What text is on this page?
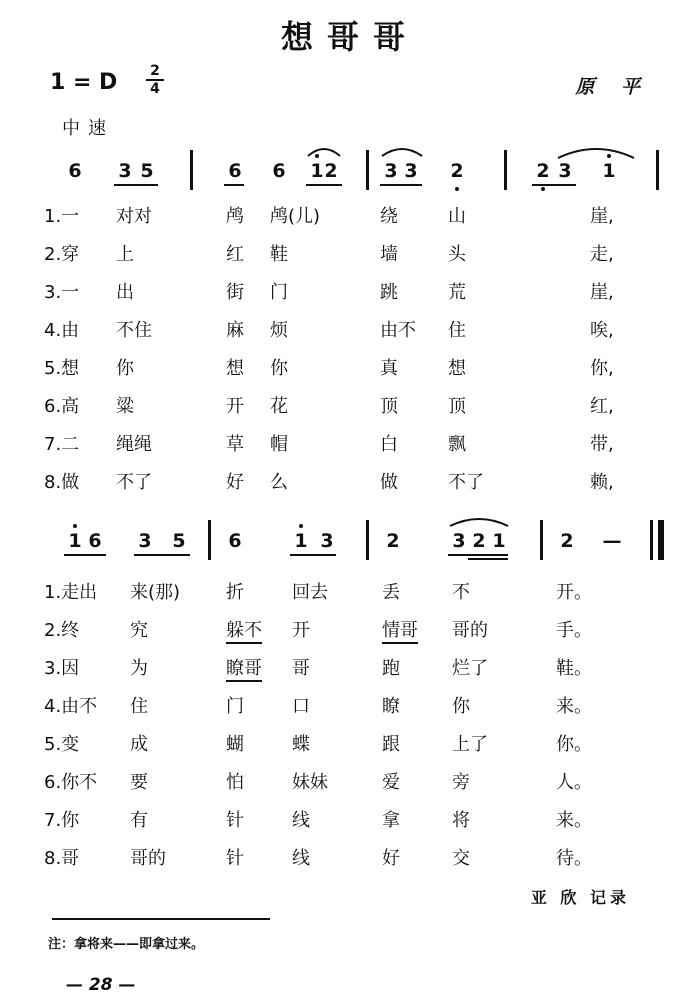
想哥哥
1 = D 2
4	原 平
中速
6 3 5	6 6 1 2 3 3 2	2 3 1
1.一 对对	鸬 鸬(儿)	绕	山	崖,
2.穿 上	红 鞋	墙	头	走,
3.一 出	街 门	跳	荒	崖,
4.由 不住	麻 烦	由不 住	唉,
5.想 你	想 你	真	想	你,
6.高 粱	开 花	顶	顶	红,
7.二 绳绳	草 帽	白	飘	带,
8.做 不了	好 么	做	不了	赖,
1 6 3 5 6	1 3	2	3 2 1	2	—
1.走出 来(那)	折	回去	丢	不	开。
2.终	究	躲不 开	情哥 哥的	手。
3.因	为	瞭哥 哥	跑	烂了	鞋。
4.由不 住	门	口	瞭	你	来。
5.变	成	蝴	蝶	跟	上了	你。
6.你不 要	怕	妹妹	爱	旁	人。
7.你	有	针	线	拿	将	来。
8.哥	哥的	针	线	好	交	待。
亚 欣 记录
注：拿将来——即拿过来。
— 28 —
